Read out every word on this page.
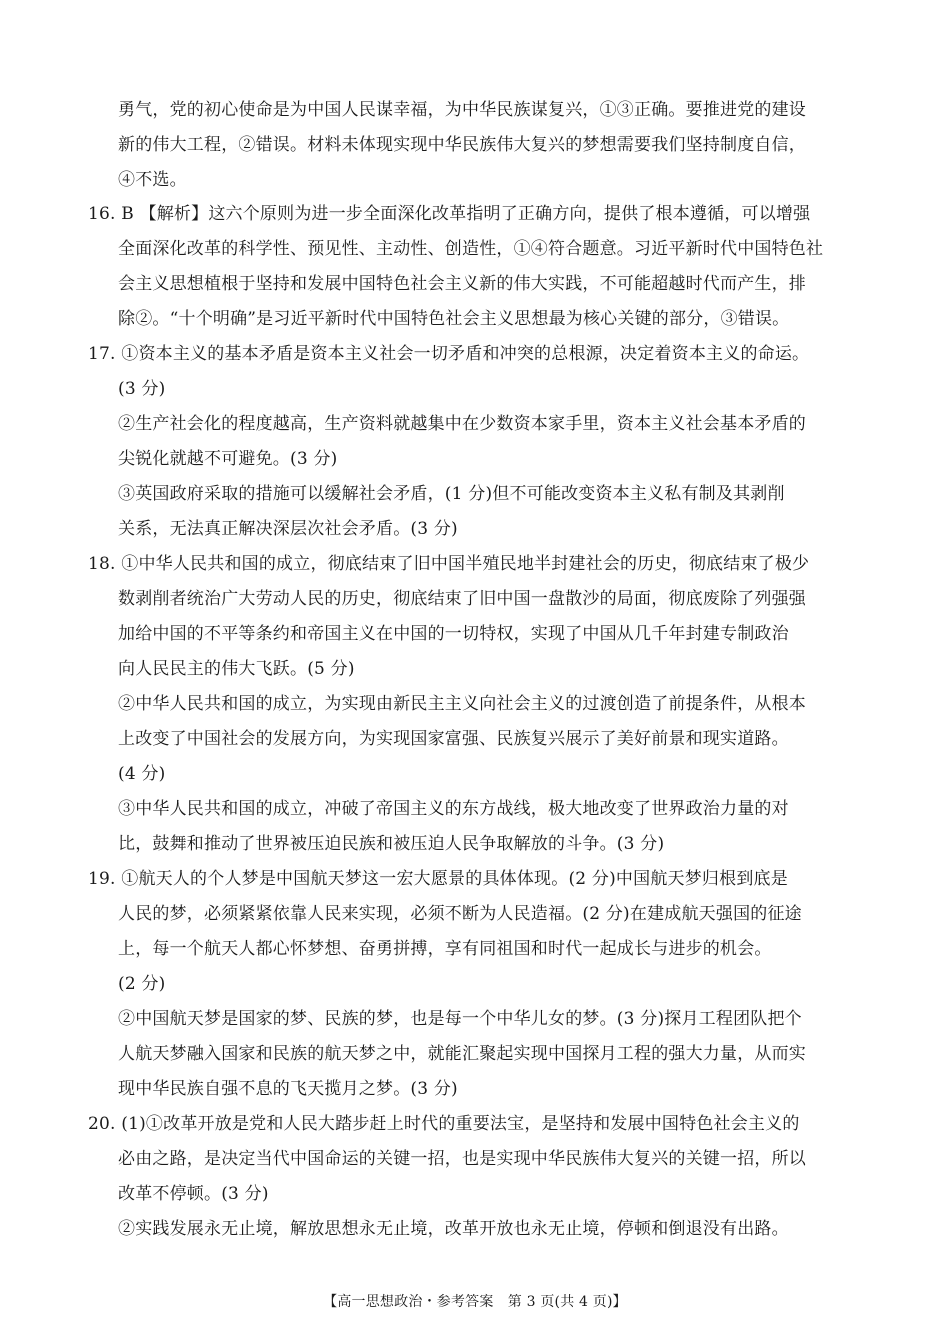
勇气，党的初心使命是为中国人民谋幸福，为中华民族谋复兴，①③正确。要推进党的建设
新的伟大工程，②错误。材料未体现实现中华民族伟大复兴的梦想需要我们坚持制度自信，
④不选。
16. B 【解析】这六个原则为进一步全面深化改革指明了正确方向，提供了根本遵循，可以增强
全面深化改革的科学性、预见性、主动性、创造性，①④符合题意。习近平新时代中国特色社
会主义思想植根于坚持和发展中国特色社会主义新的伟大实践，不可能超越时代而产生，排
除②。“十个明确”是习近平新时代中国特色社会主义思想最为核心关键的部分，③错误。
17. ①资本主义的基本矛盾是资本主义社会一切矛盾和冲突的总根源，决定着资本主义的命运。
(3 分)
②生产社会化的程度越高，生产资料就越集中在少数资本家手里，资本主义社会基本矛盾的
尖锐化就越不可避免。(3 分)
③英国政府采取的措施可以缓解社会矛盾，(1 分)但不可能改变资本主义私有制及其剥削
关系，无法真正解决深层次社会矛盾。(3 分)
18. ①中华人民共和国的成立，彻底结束了旧中国半殖民地半封建社会的历史，彻底结束了极少
数剥削者统治广大劳动人民的历史，彻底结束了旧中国一盘散沙的局面，彻底废除了列强强
加给中国的不平等条约和帝国主义在中国的一切特权，实现了中国从几千年封建专制政治
向人民民主的伟大飞跃。(5 分)
②中华人民共和国的成立，为实现由新民主主义向社会主义的过渡创造了前提条件，从根本
上改变了中国社会的发展方向，为实现国家富强、民族复兴展示了美好前景和现实道路。
(4 分)
③中华人民共和国的成立，冲破了帝国主义的东方战线，极大地改变了世界政治力量的对
比，鼓舞和推动了世界被压迫民族和被压迫人民争取解放的斗争。(3 分)
19. ①航天人的个人梦是中国航天梦这一宏大愿景的具体体现。(2 分)中国航天梦归根到底是
人民的梦，必须紧紧依靠人民来实现，必须不断为人民造福。(2 分)在建成航天强国的征途
上，每一个航天人都心怀梦想、奋勇拼搏，享有同祖国和时代一起成长与进步的机会。
(2 分)
②中国航天梦是国家的梦、民族的梦，也是每一个中华儿女的梦。(3 分)探月工程团队把个
人航天梦融入国家和民族的航天梦之中，就能汇聚起实现中国探月工程的强大力量，从而实
现中华民族自强不息的飞天揽月之梦。(3 分)
20. (1)①改革开放是党和人民大踏步赶上时代的重要法宝，是坚持和发展中国特色社会主义的
必由之路，是决定当代中国命运的关键一招，也是实现中华民族伟大复兴的关键一招，所以
改革不停顿。(3 分)
②实践发展永无止境，解放思想永无止境，改革开放也永无止境，停顿和倒退没有出路。
【高一思想政治・参考答案　第 3 页(共 4 页)】
